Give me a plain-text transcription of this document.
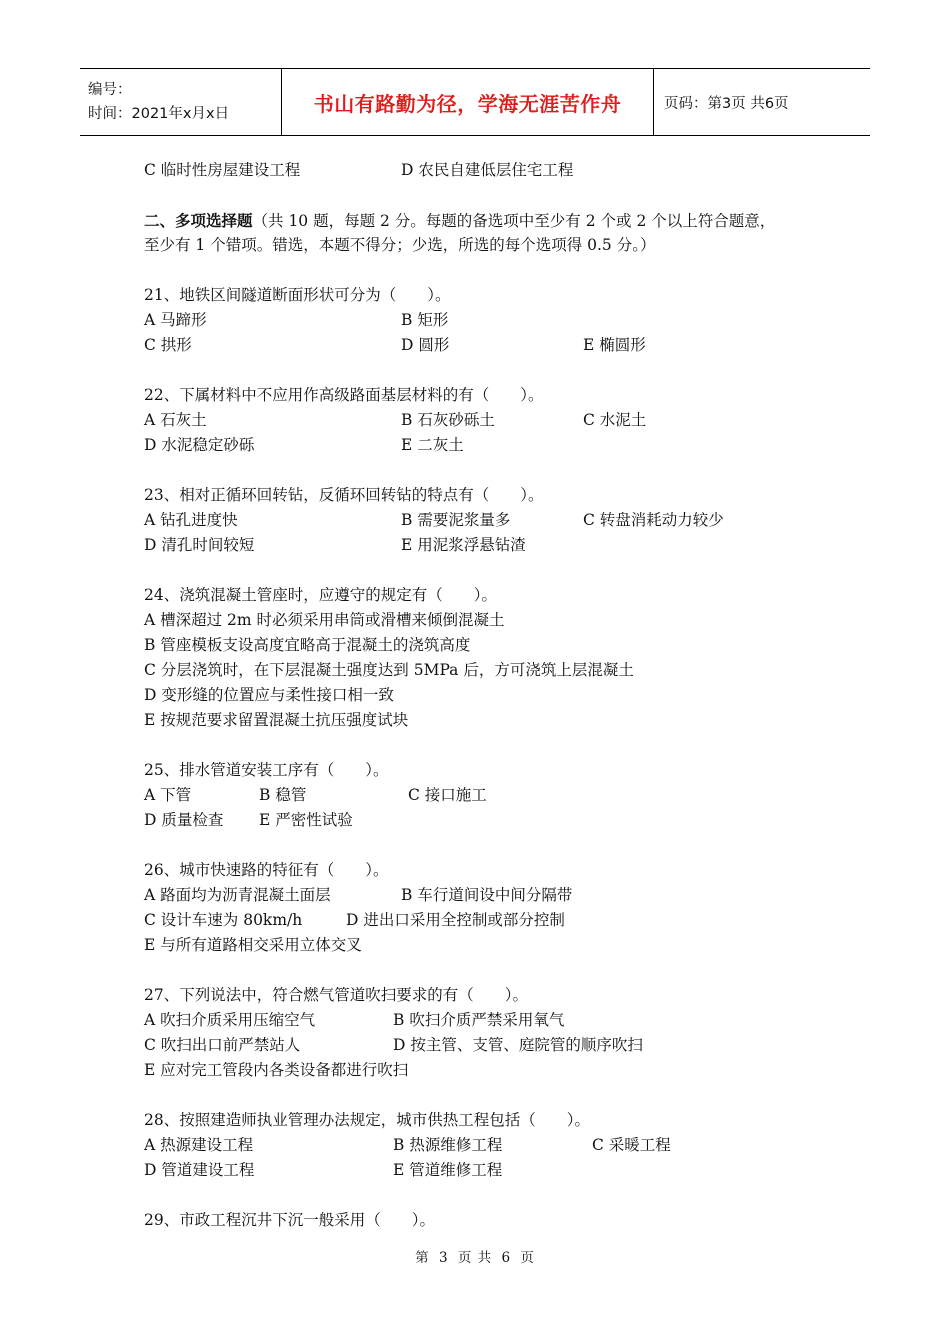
编号：
时间：2021年x月x日	书山有路勤为径，学海无涯苦作舟	页码：第3页 共6页
C 临时性房屋建设工程	D 农民自建低层住宅工程
二、多项选择题（共 10 题，每题 2 分。每题的备选项中至少有 2 个或 2 个以上符合题意，
至少有 1 个错项。错选，本题不得分；少选，所选的每个选项得 0.5 分。）
21、地铁区间隧道断面形状可分为（　　）。
A 马蹄形	B 矩形
C 拱形	D 圆形	E 椭圆形
22、下属材料中不应用作高级路面基层材料的有（　　）。
A 石灰土	B 石灰砂砾土	C 水泥土
D 水泥稳定砂砾	E 二灰土
23、相对正循环回转钻，反循环回转钻的特点有（　　）。
A 钻孔进度快	B 需要泥浆量多	C 转盘消耗动力较少
D 清孔时间较短	E 用泥浆浮悬钻渣
24、浇筑混凝土管座时，应遵守的规定有（　　）。
A 槽深超过 2m 时必须采用串筒或滑槽来倾倒混凝土
B 管座模板支设高度宜略高于混凝土的浇筑高度
C 分层浇筑时，在下层混凝土强度达到 5MPa 后，方可浇筑上层混凝土
D 变形缝的位置应与柔性接口相一致
E 按规范要求留置混凝土抗压强度试块
25、排水管道安装工序有（　　）。
A 下管	B 稳管	C 接口施工
D 质量检查 E 严密性试验
26、城市快速路的特征有（　　）。
A 路面均为沥青混凝土面层	B 车行道间设中间分隔带
C 设计车速为 80km/h	D 进出口采用全控制或部分控制
E 与所有道路相交采用立体交叉
27、下列说法中，符合燃气管道吹扫要求的有（　　）。
A 吹扫介质采用压缩空气	B 吹扫介质严禁采用氧气
C 吹扫出口前严禁站人	D 按主管、支管、庭院管的顺序吹扫
E 应对完工管段内各类设备都进行吹扫
28、按照建造师执业管理办法规定，城市供热工程包括（　　）。
A 热源建设工程	B 热源维修工程	C 采暖工程
D 管道建设工程	E 管道维修工程
29、市政工程沉井下沉一般采用（　　）。
第 3 页 共 6 页
